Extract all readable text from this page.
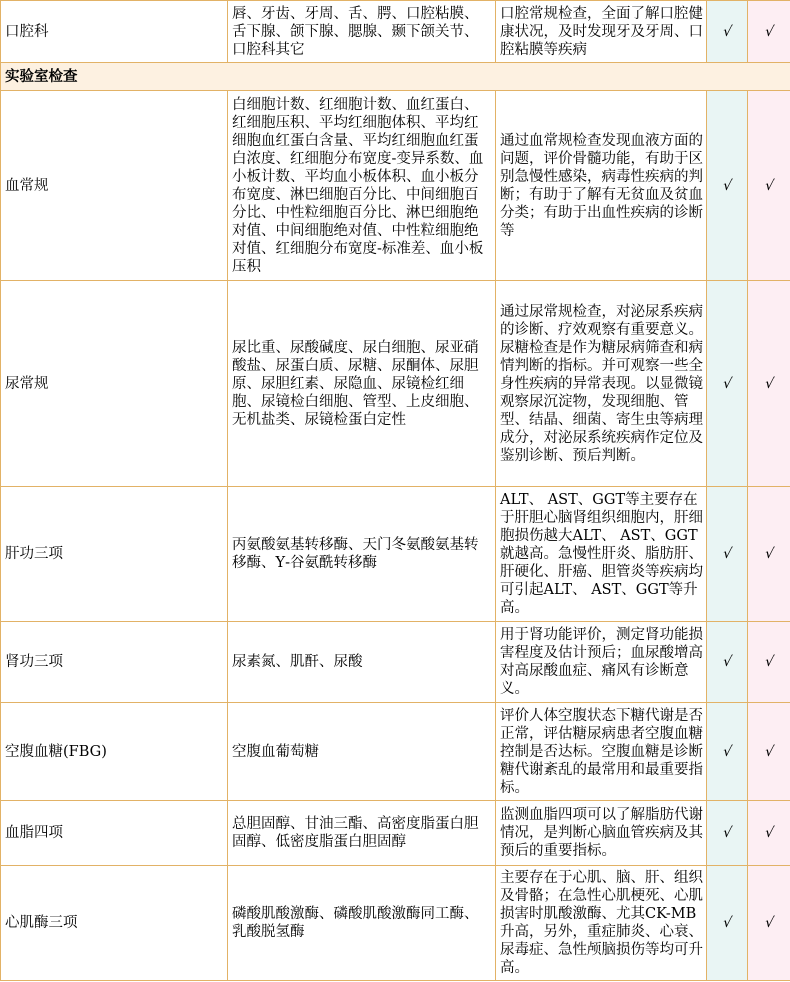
口腔科	唇、牙齿、牙周、舌、腭、口腔粘膜、舌下腺、颌下腺、腮腺、颞下颌关节、口腔科其它	口腔常规检查，全面了解口腔健康状况，及时发现牙及牙周、口腔粘膜等疾病	√	√
实验室检查				
血常规	白细胞计数、红细胞计数、血红蛋白、红细胞压积、平均红细胞体积、平均红细胞血红蛋白含量、平均红细胞血红蛋白浓度、红细胞分布宽度-变异系数、血小板计数、平均血小板体积、血小板分布宽度、淋巴细胞百分比、中间细胞百分比、中性粒细胞百分比、淋巴细胞绝对值、中间细胞绝对值、中性粒细胞绝对值、红细胞分布宽度-标准差、血小板压积	通过血常规检查发现血液方面的问题，评价骨髓功能，有助于区别急慢性感染，病毒性疾病的判断；有助于了解有无贫血及贫血分类；有助于出血性疾病的诊断等	√	√
尿常规	尿比重、尿酸碱度、尿白细胞、尿亚硝酸盐、尿蛋白质、尿糖、尿酮体、尿胆原、尿胆红素、尿隐血、尿镜检红细胞、尿镜检白细胞、管型、上皮细胞、无机盐类、尿镜检蛋白定性	通过尿常规检查，对泌尿系疾病的诊断、疗效观察有重要意义。尿糖检查是作为糖尿病筛查和病情判断的指标。并可观察一些全身性疾病的异常表现。以显微镜观察尿沉淀物，发现细胞、管型、结晶、细菌、寄生虫等病理成分，对泌尿系统疾病作定位及鉴别诊断、预后判断。	√	√
肝功三项	丙氨酸氨基转移酶、天门冬氨酸氨基转移酶、Υ-谷氨酰转移酶	ALT、 AST、GGT等主要存在于肝胆心脑肾组织细胞内，肝细胞损伤越大ALT、 AST、GGT就越高。急慢性肝炎、脂肪肝、肝硬化、肝癌、胆管炎等疾病均可引起ALT、 AST、GGT等升高。	√	√
肾功三项	尿素氮、肌酐、尿酸	用于肾功能评价，测定肾功能损害程度及估计预后；血尿酸增高对高尿酸血症、痛风有诊断意义。	√	√
空腹血糖(FBG)	空腹血葡萄糖	评价人体空腹状态下糖代谢是否正常，评估糖尿病患者空腹血糖控制是否达标。空腹血糖是诊断糖代谢紊乱的最常用和最重要指标。	√	√
血脂四项	总胆固醇、甘油三酯、高密度脂蛋白胆固醇、低密度脂蛋白胆固醇	监测血脂四项可以了解脂肪代谢情况，是判断心脑血管疾病及其预后的重要指标。	√	√
心肌酶三项	磷酸肌酸激酶、磷酸肌酸激酶同工酶、乳酸脱氢酶	主要存在于心肌、脑、肝、组织及骨骼；在急性心肌梗死、心肌损害时肌酸激酶、尤其CK-MB升高，另外，重症肺炎、心衰、尿毒症、急性颅脑损伤等均可升高。	√	√
